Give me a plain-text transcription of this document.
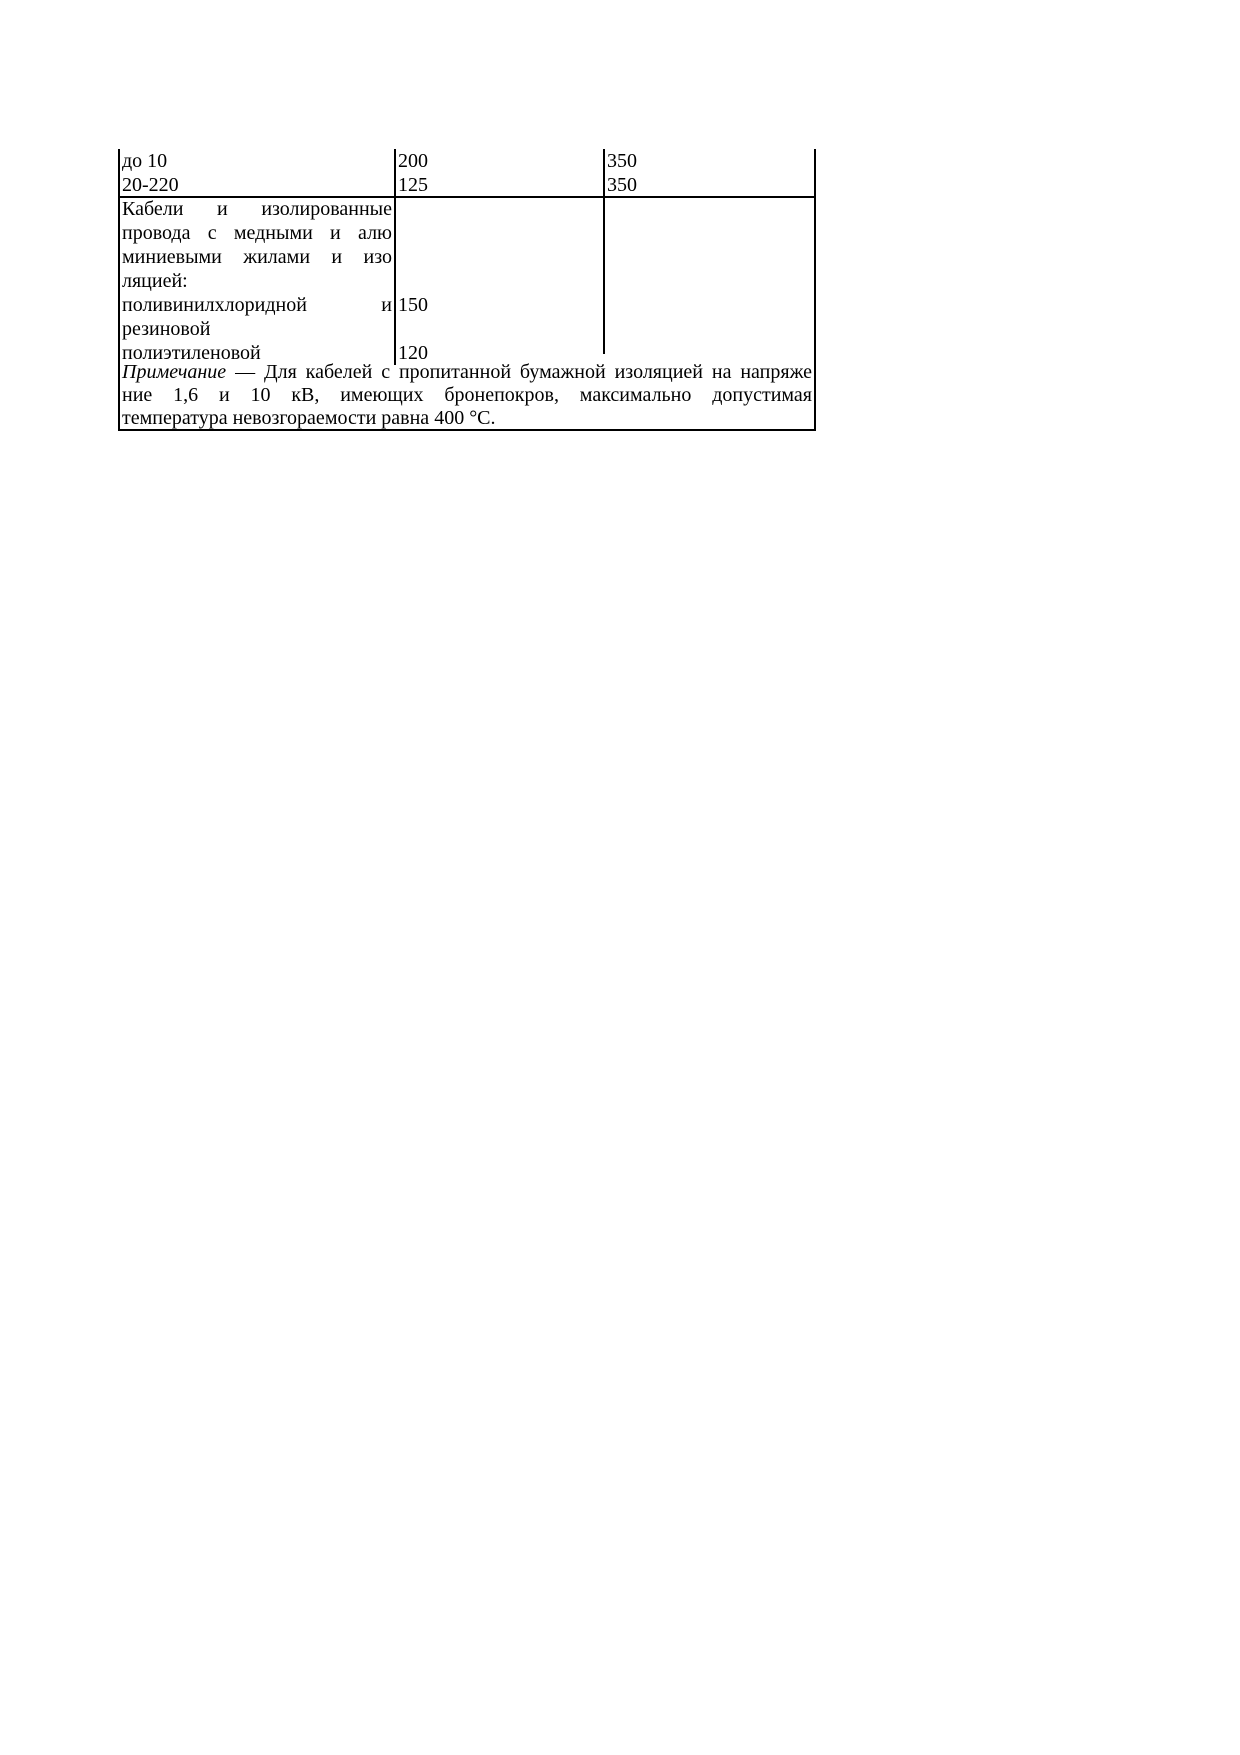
до 10
20-220
200
125
350
350
Кабели и изолированные
провода с медными и алю
миниевыми жилами и изо
ляцией:
поливинилхлоридной и
резиновой
полиэтиленовой
150
120
Примечание — Для кабелей с пропитанной бумажной изоляцией на напряже
ние 1,6 и 10 кВ, имеющих бронепокров, максимально допустимая
температура невозгораемости равна 400 °С.
